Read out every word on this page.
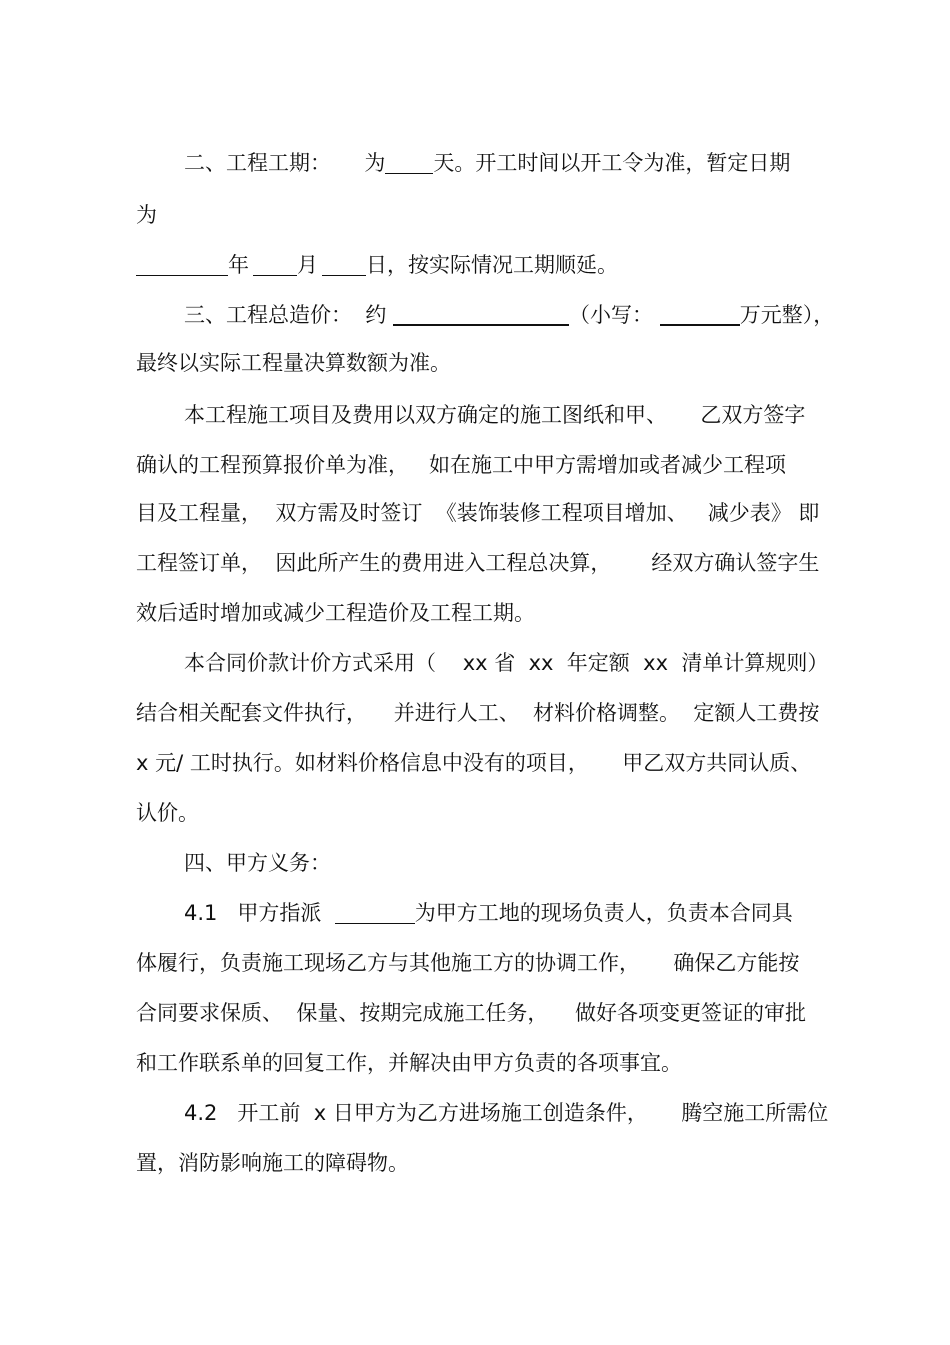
二、工程工期： 为 天。开工时间以开工令为准，暂定日期
为
年 月 日，按实际情况工期顺延。
三、工程总造价：  约	（小写：	万元整），
最终以实际工程量决算数额为准。
本工程施工项目及费用以双方确定的施工图纸和甲、     乙双方签字
确认的工程预算报价单为准，   如在施工中甲方需增加或者减少工程项
目及工程量，  双方需及时签订  《装饰装修工程项目增加、   减少表》 即
工程签订单，  因此所产生的费用进入工程总决算，      经双方确认签字生
效后适时增加或减少工程造价及工程工期。
本合同价款计价方式采用（    xx 省  xx  年定额  xx  清单计算规则）
结合相关配套文件执行，    并进行人工、  材料价格调整。  定额人工费按
x 元/ 工时执行。如材料价格信息中没有的项目，     甲乙双方共同认质、
认价。
四、甲方义务：
4.1   甲方指派	为甲方工地的现场负责人，负责本合同具
体履行，负责施工现场乙方与其他施工方的协调工作，     确保乙方能按
合同要求保质、  保量、按期完成施工任务，    做好各项变更签证的审批
和工作联系单的回复工作，并解决由甲方负责的各项事宜。
4.2   开工前  x 日甲方为乙方进场施工创造条件，     腾空施工所需位
置，消防影响施工的障碍物。
